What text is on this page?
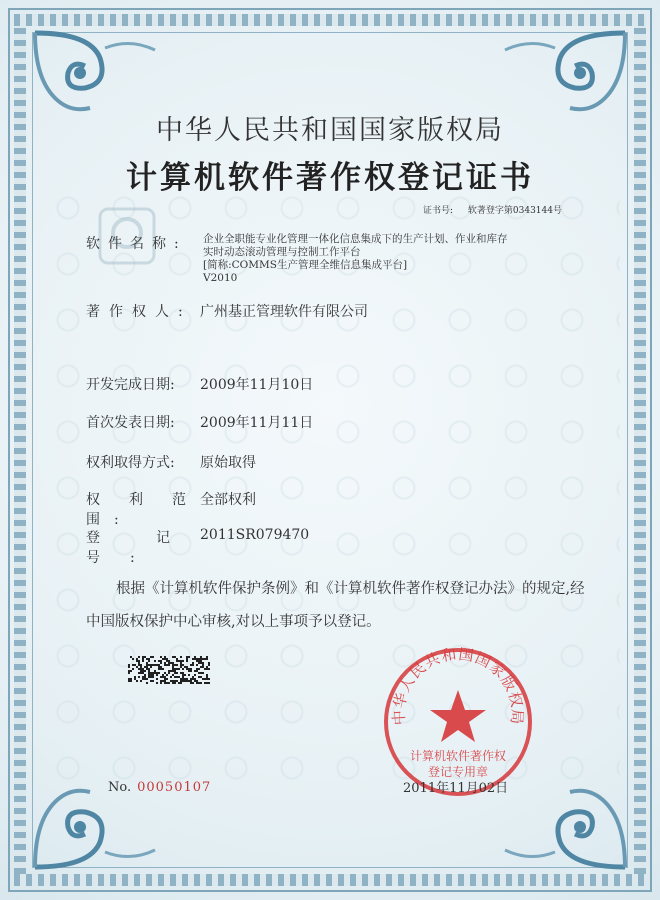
中华人民共和国国家版权局
计算机软件著作权登记证书
证书号: 软著登字第0343144号
软件名称: 企业全职能专业化管理一体化信息集成下的生产计划、作业和库存
实时动态滚动管理与控制工作平台
[简称:COMMS生产管理全维信息集成平台]
V2010
著作权人: 广州基正管理软件有限公司
开发完成日期: 2009年11月10日
首次发表日期: 2009年11月11日
权利取得方式: 原始取得
权利范围:
全部权利
登记号:
2011SR079470
根据《计算机软件保护条例》和《计算机软件著作权登记办法》的规定,经中国版权保护中心审核,对以上事项予以登记。
No. 00050107
中华人民共和国国家版权局
计算机软件著作权
登记专用章
2011年11月02日
